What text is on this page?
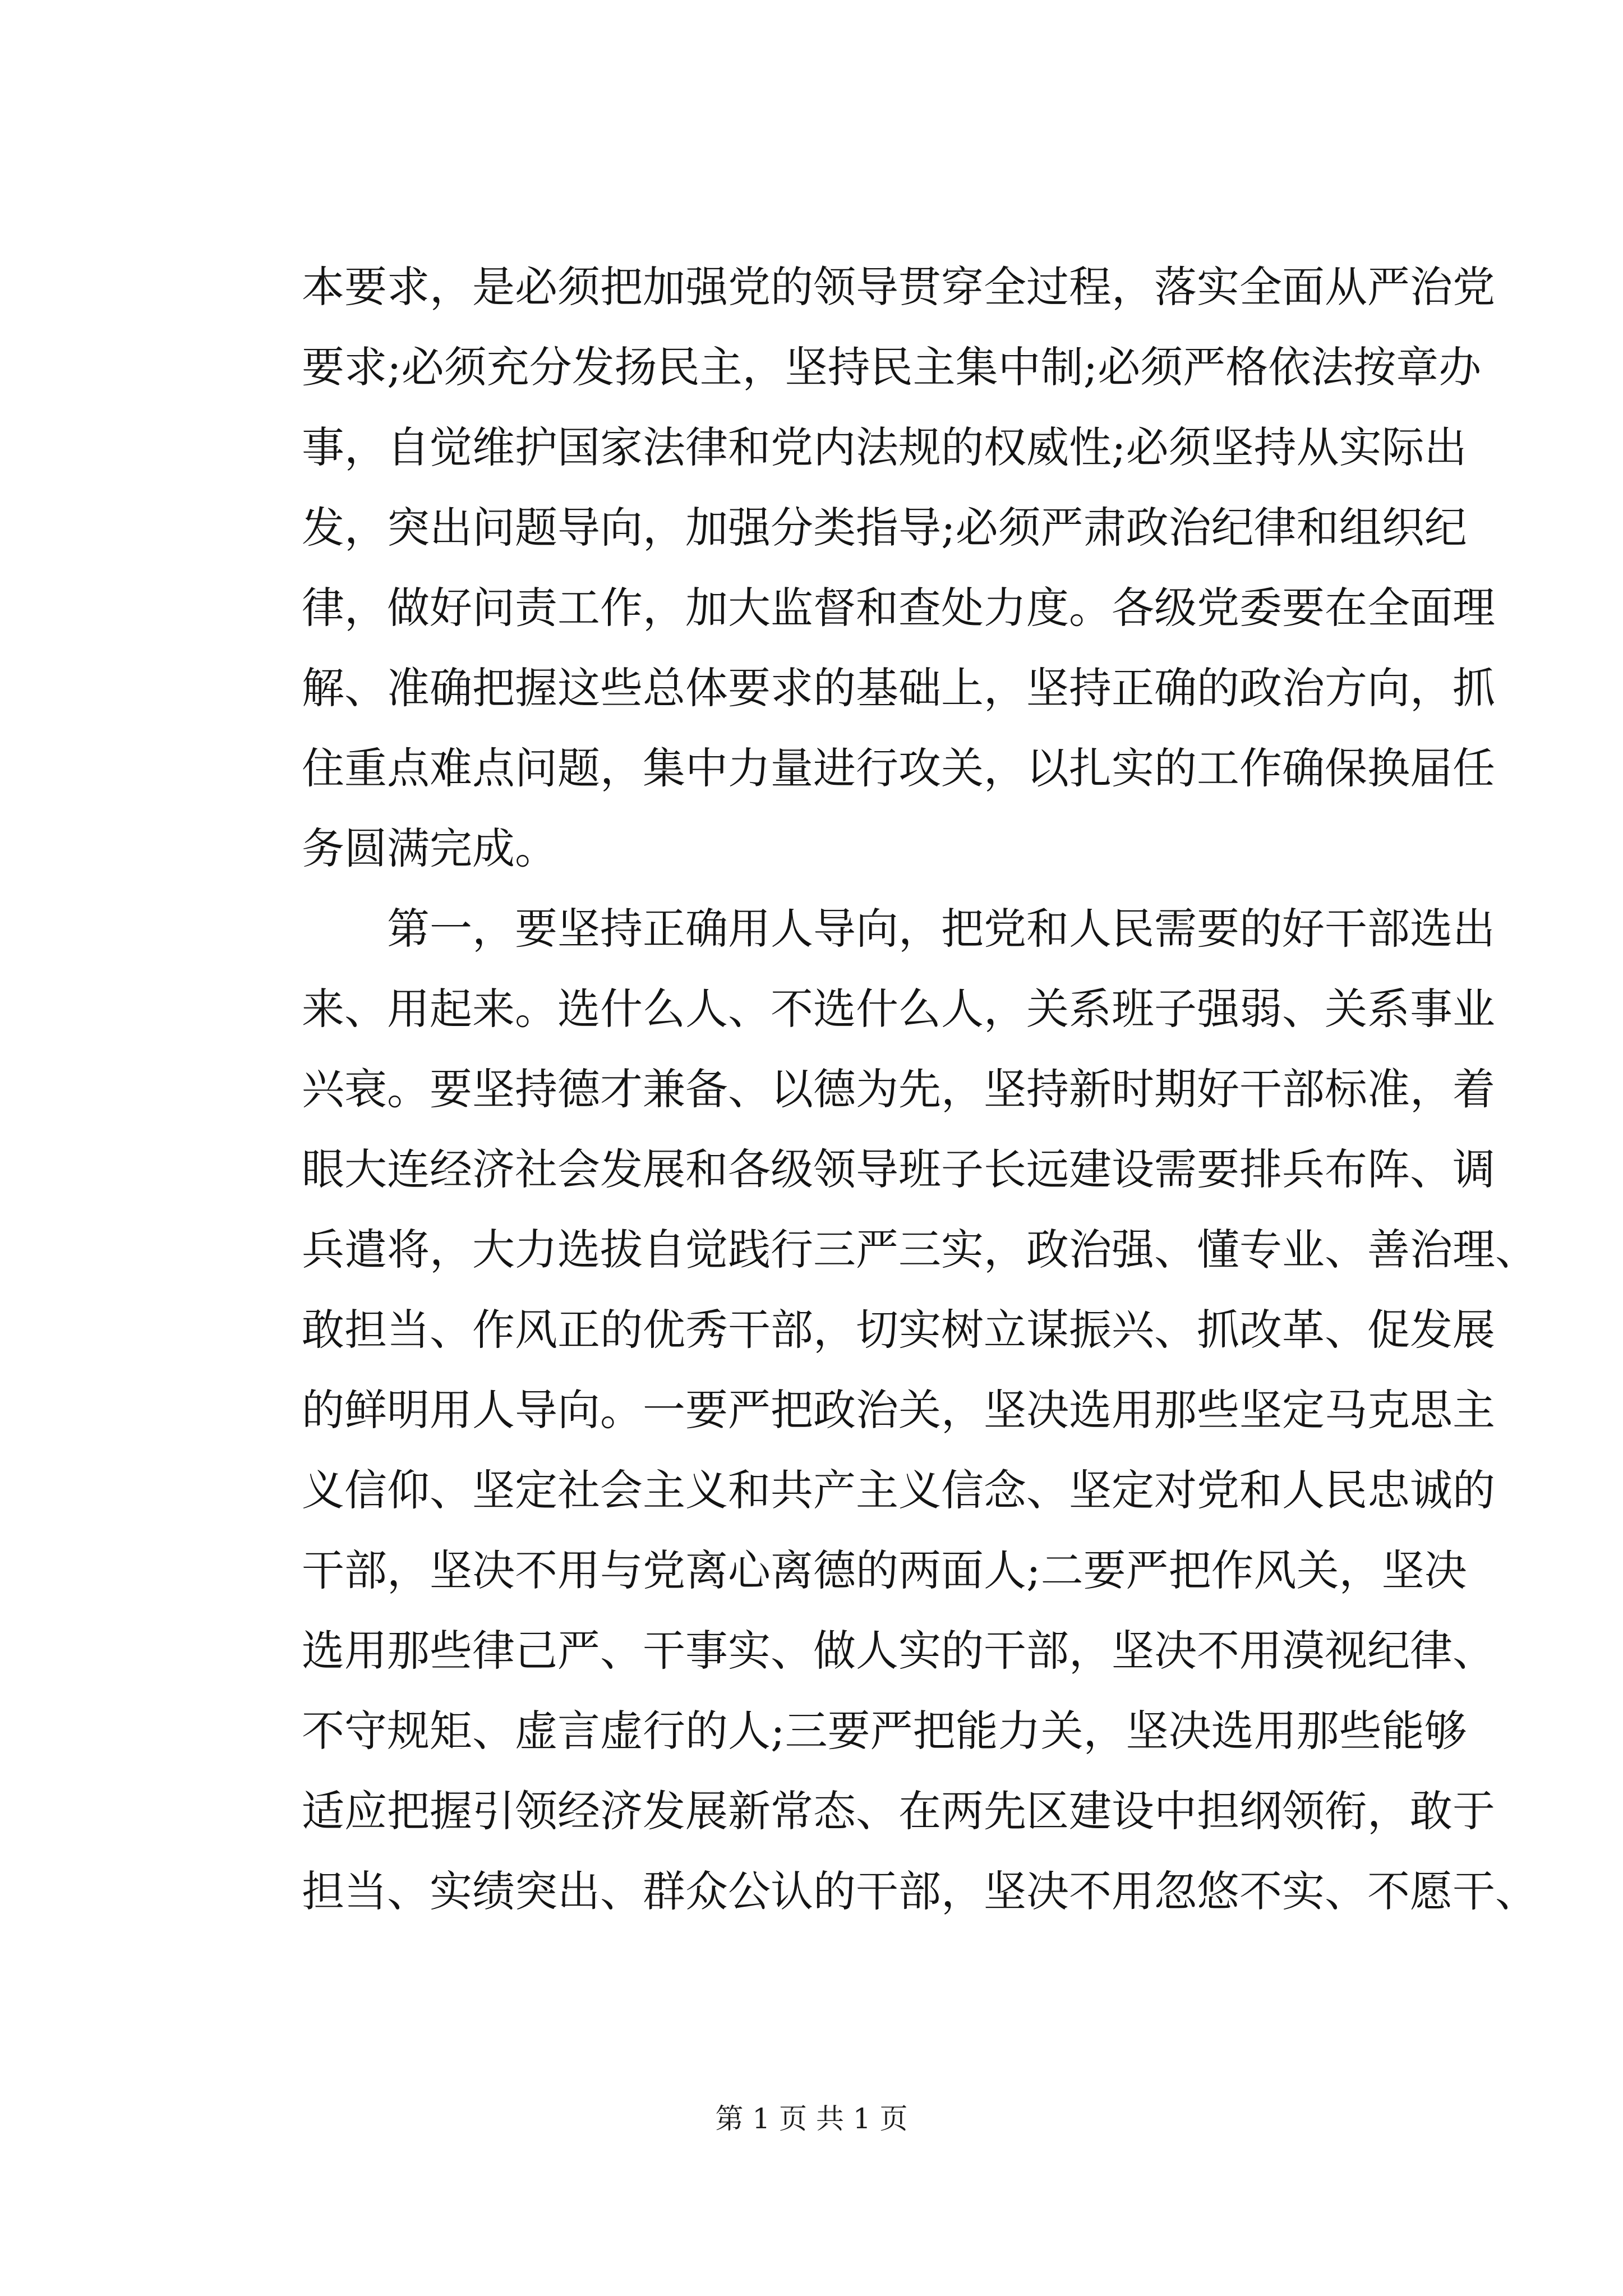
本要求，是必须把加强党的领导贯穿全过程，落实全面从严治党
要求;必须充分发扬民主，坚持民主集中制;必须严格依法按章办
事，自觉维护国家法律和党内法规的权威性;必须坚持从实际出
发，突出问题导向，加强分类指导;必须严肃政治纪律和组织纪
律，做好问责工作，加大监督和查处力度。各级党委要在全面理
解、准确把握这些总体要求的基础上，坚持正确的政治方向，抓
住重点难点问题，集中力量进行攻关，以扎实的工作确保换届任
务圆满完成。
　　第一，要坚持正确用人导向，把党和人民需要的好干部选出
来、用起来。选什么人、不选什么人，关系班子强弱、关系事业
兴衰。要坚持德才兼备、以德为先，坚持新时期好干部标准，着
眼大连经济社会发展和各级领导班子长远建设需要排兵布阵、调
兵遣将，大力选拔自觉践行三严三实，政治强、懂专业、善治理、
敢担当、作风正的优秀干部，切实树立谋振兴、抓改革、促发展
的鲜明用人导向。一要严把政治关，坚决选用那些坚定马克思主
义信仰、坚定社会主义和共产主义信念、坚定对党和人民忠诚的
干部，坚决不用与党离心离德的两面人;二要严把作风关，坚决
选用那些律己严、干事实、做人实的干部，坚决不用漠视纪律、
不守规矩、虚言虚行的人;三要严把能力关，坚决选用那些能够
适应把握引领经济发展新常态、在两先区建设中担纲领衔，敢于
担当、实绩突出、群众公认的干部，坚决不用忽悠不实、不愿干、
第 1 页 共 1 页
